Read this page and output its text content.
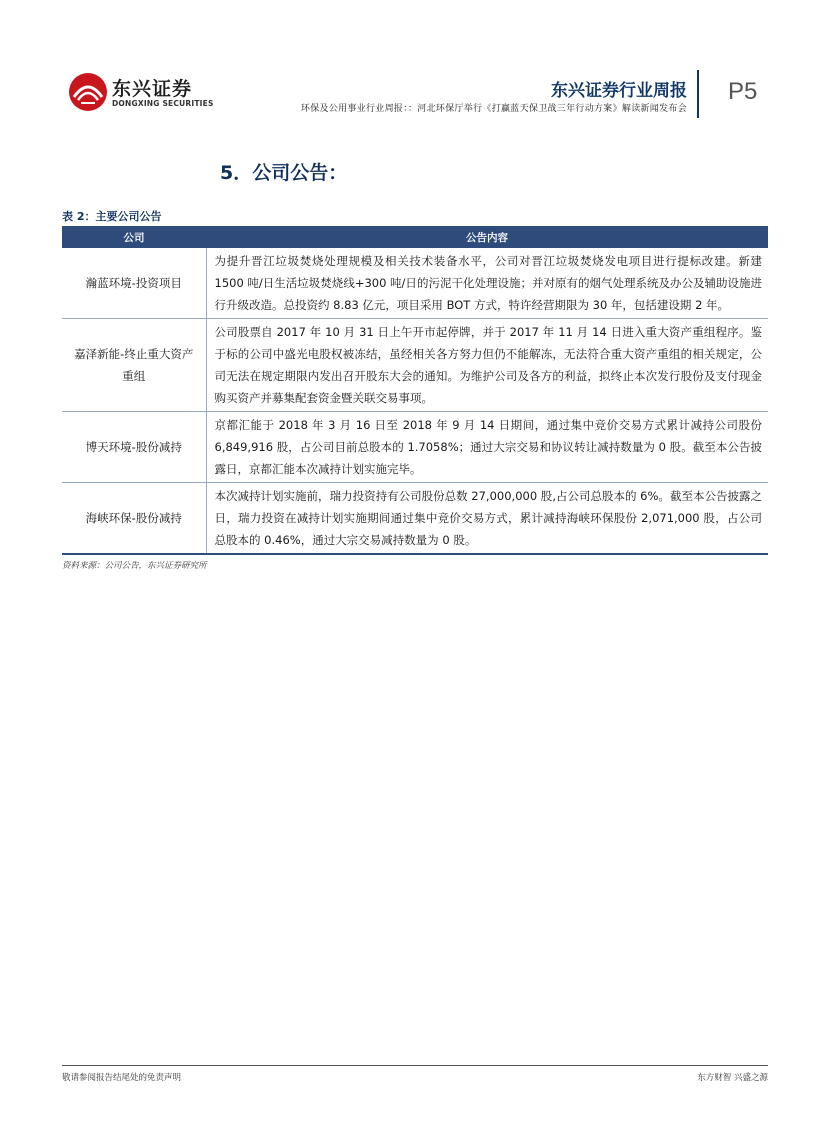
东兴证券
DONGXING SECURITIES
东兴证券行业周报
环保及公用事业行业周报：：河北环保厅举行《打赢蓝天保卫战三年行动方案》解读新闻发布会
P5
5．公司公告：
表 2：主要公司公告
公司	公告内容
瀚蓝环境-投资项目	为提升晋江垃圾焚烧处理规模及相关技术装备水平，公司对晋江垃圾焚烧发电项目进行提标改建。新建 1500 吨/日生活垃圾焚烧线+300 吨/日的污泥干化处理设施；并对原有的烟气处理系统及办公及辅助设施进行升级改造。总投资约 8.83 亿元，项目采用 BOT 方式，特许经营期限为 30 年，包括建设期 2 年。
嘉泽新能-终止重大资产重组	公司股票自 2017 年 10 月 31 日上午开市起停牌，并于 2017 年 11 月 14 日进入重大资产重组程序。鉴于标的公司中盛光电股权被冻结，虽经相关各方努力但仍不能解冻，无法符合重大资产重组的相关规定，公司无法在规定期限内发出召开股东大会的通知。为维护公司及各方的利益，拟终止本次发行股份及支付现金购买资产并募集配套资金暨关联交易事项。
博天环境-股份减持	京都汇能于 2018 年 3 月 16 日至 2018 年 9 月 14 日期间，通过集中竞价交易方式累计减持公司股份 6,849,916 股，占公司目前总股本的 1.7058%；通过大宗交易和协议转让减持数量为 0 股。截至本公告披露日，京都汇能本次减持计划实施完毕。
海峡环保-股份减持	本次减持计划实施前，瑞力投资持有公司股份总数 27,000,000 股,占公司总股本的 6%。截至本公告披露之日，瑞力投资在减持计划实施期间通过集中竞价交易方式，累计减持海峡环保股份 2,071,000 股，占公司总股本的 0.46%，通过大宗交易减持数量为 0 股。
资料来源：公司公告，东兴证券研究所
敬请参阅报告结尾处的免责声明	东方财智 兴盛之源
